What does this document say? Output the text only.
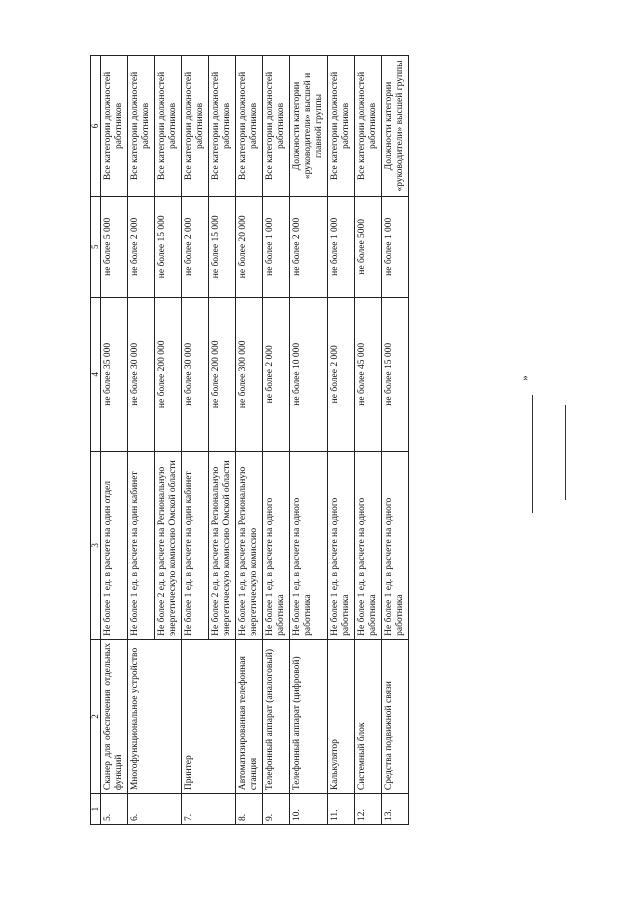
1	2	3	4	5	6
5.	Сканер для обеспечения отдельных функций	Не более 1 ед. в расчете на один отдел	не более 35 000	не более 5 000	Все категории должностей работников
6.	Многофункциональное устройство	Не более 1 ед. в расчете на один кабинет	не более 30 000	не более 2 000	Все категории должностей работников
		Не более 2 ед. в расчете на Региональную энергетическую комиссию Омской области	не более 200 000	не более 15 000	Все категории должностей работников
7.	Принтер	Не более 1 ед. в расчете на один кабинет	не более 30 000	не более 2 000	Все категории должностей работников
		Не более 2 ед. в расчете на Региональную энергетическую комиссию Омской области	не более 200 000	не более 15 000	Все категории должностей работников
8.	Автоматизированная телефонная станция	Не более 1 ед. в расчете на Региональную энергетическую комиссию	не более 300 000	не более 20 000	Все категории должностей работников
9.	Телефонный аппарат (аналоговый)	Не более 1 ед. в расчете на одного работника	не более 2 000	не более 1 000	Все категории должностей работников
10.	Телефонный аппарат (цифровой)	Не более 1 ед. в расчете на одного работника	не более 10 000	не более 2 000	Должности категории «руководители» высшей и главной группы
11.	Калькулятор	Не более 1 ед. в расчете на одного работника	не более 2 000	не более 1 000	Все категории должностей работников
12.	Системный блок	Не более 1 ед. в расчете на одного работника	не более 45 000	не более 5000	Все категории должностей работников
13.	Средства подвижной связи	Не более 1 ед. в расчете на одного работника	не более 15 000	не более 1 000	Должности категории «руководители» высшей группы
»
